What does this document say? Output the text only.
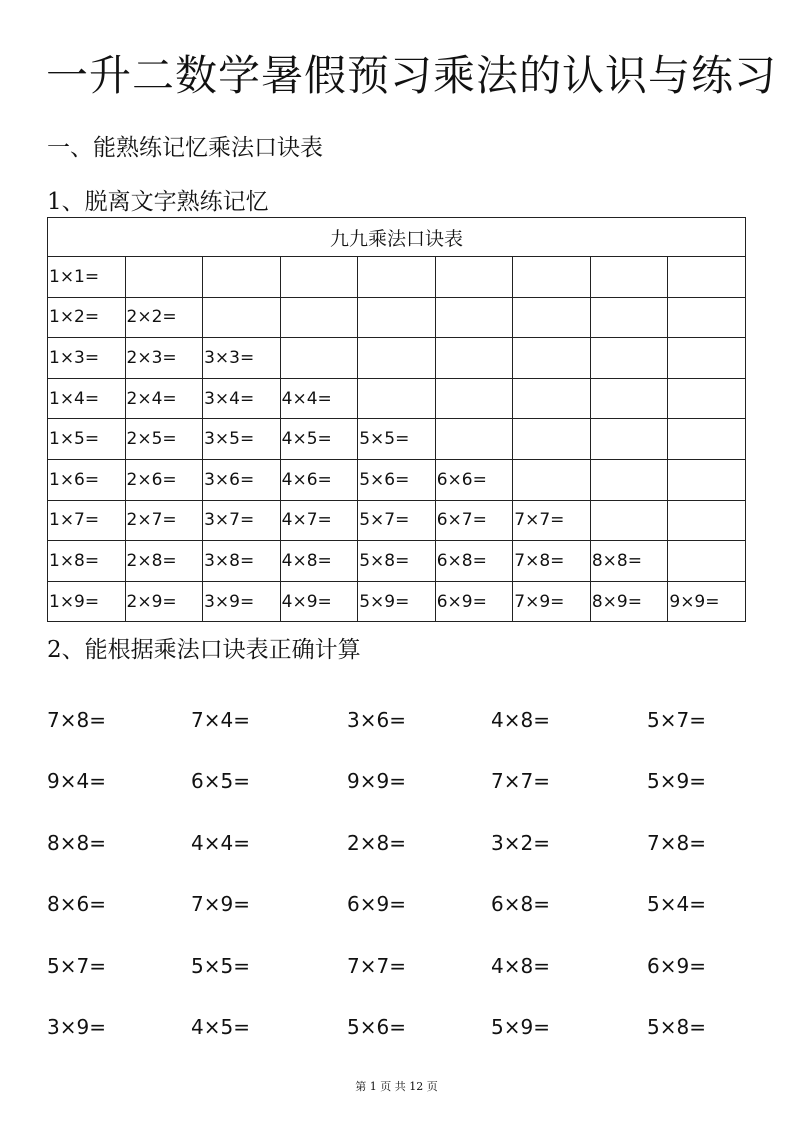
一升二数学暑假预习乘法的认识与练习
一、能熟练记忆乘法口诀表
1、脱离文字熟练记忆
九九乘法口诀表								
1×1=								
1×2=	2×2=							
1×3=	2×3=	3×3=						
1×4=	2×4=	3×4=	4×4=					
1×5=	2×5=	3×5=	4×5=	5×5=				
1×6=	2×6=	3×6=	4×6=	5×6=	6×6=			
1×7=	2×7=	3×7=	4×7=	5×7=	6×7=	7×7=		
1×8=	2×8=	3×8=	4×8=	5×8=	6×8=	7×8=	8×8=	
1×9=	2×9=	3×9=	4×9=	5×9=	6×9=	7×9=	8×9=	9×9=
2、能根据乘法口诀表正确计算
7×8=	7×4=	3×6=	4×8=	5×7=
9×4=	6×5=	9×9=	7×7=	5×9=
8×8=	4×4=	2×8=	3×2=	7×8=
8×6=	7×9=	6×9=	6×8=	5×4=
5×7=	5×5=	7×7=	4×8=	6×9=
3×9=	4×5=	5×6=	5×9=	5×8=
第 1 页 共 12 页
